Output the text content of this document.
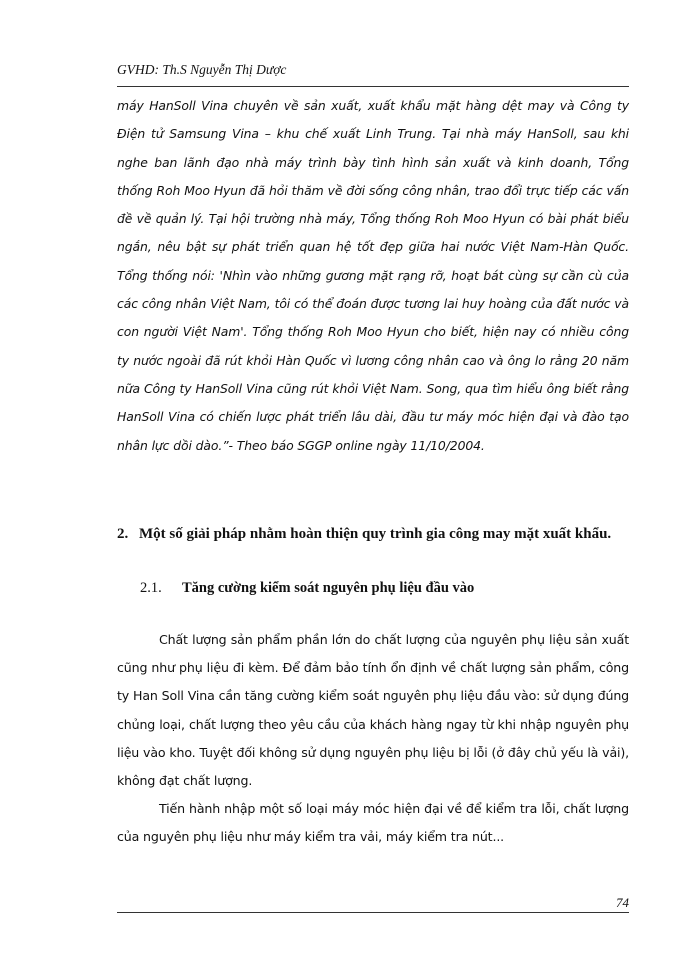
GVHD: Th.S Nguyễn Thị Dược

máy HanSoll Vina chuyên về sản xuất, xuất khẩu mặt hàng dệt may và Công ty Điện tử Samsung Vina – khu chế xuất Linh Trung. Tại nhà máy HanSoll, sau khi nghe ban lãnh đạo nhà máy trình bày tình hình sản xuất và kinh doanh, Tổng thống Roh Moo Hyun đã hỏi thăm về đời sống công nhân, trao đổi trực tiếp các vấn đề về quản lý. Tại hội trường nhà máy, Tổng thống Roh Moo Hyun có bài phát biểu ngắn, nêu bật sự phát triển quan hệ tốt đẹp giữa hai nước Việt Nam-Hàn Quốc. Tổng thống nói: 'Nhìn vào những gương mặt rạng rỡ, hoạt bát cùng sự cần cù của các công nhân Việt Nam, tôi có thể đoán được tương lai huy hoàng của đất nước và con người Việt Nam'. Tổng thống Roh Moo Hyun cho biết, hiện nay có nhiều công ty nước ngoài đã rút khỏi Hàn Quốc vì lương công nhân cao và ông lo rằng 20 năm nữa Công ty HanSoll Vina cũng rút khỏi Việt Nam. Song, qua tìm hiểu ông biết rằng HanSoll Vina có chiến lược phát triển lâu dài, đầu tư máy móc hiện đại và đào tạo nhân lực dồi dào.”- Theo báo SGGP online ngày 11/10/2004.

2. Một số giải pháp nhằm hoàn thiện quy trình gia công may mặt xuất khẩu.
2.1.	Tăng cường kiểm soát nguyên phụ liệu đầu vào

Chất lượng sản phẩm phần lớn do chất lượng của nguyên phụ liệu sản xuất cũng như phụ liệu đi kèm. Để đảm bảo tính ổn định về chất lượng sản phẩm, công ty Han Soll Vina cần tăng cường kiểm soát nguyên phụ liệu đầu vào: sử dụng đúng chủng loại, chất lượng theo yêu cầu của khách hàng ngay từ khi nhập nguyên phụ liệu vào kho. Tuyệt đối không sử dụng nguyên phụ liệu bị lỗi (ở đây chủ yếu là vải), không đạt chất lượng.

Tiến hành nhập một số loại máy móc hiện đại về để kiểm tra lỗi, chất lượng của nguyên phụ liệu như máy kiểm tra vải, máy kiểm tra nút...

74
